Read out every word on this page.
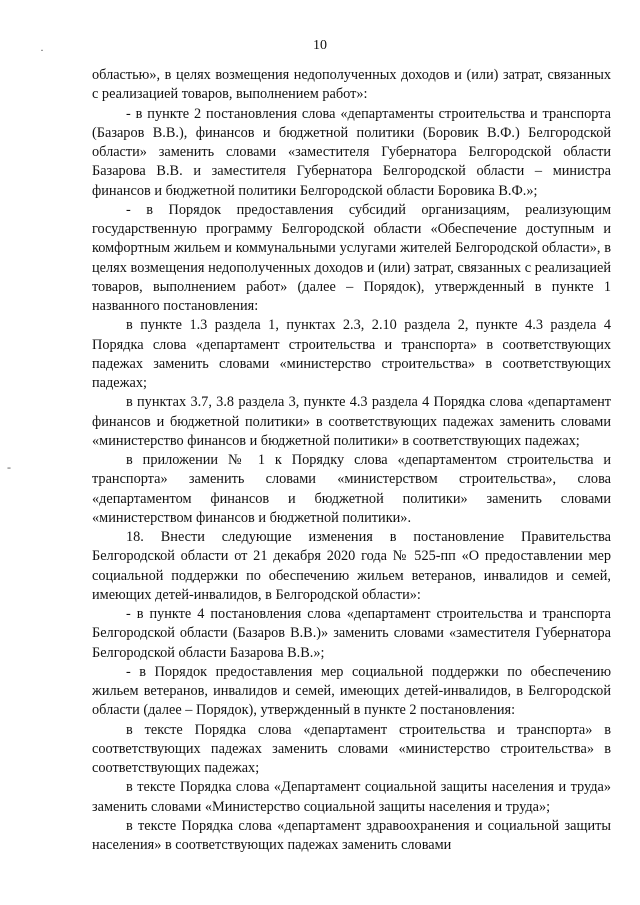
·
-
10

областью», в целях возмещения недополученных доходов и (или) затрат, связанных с реализацией товаров, выполнением работ»:

- в пункте 2 постановления слова «департаменты строительства и транспорта (Базаров В.В.), финансов и бюджетной политики (Боровик В.Ф.) Белгородской области» заменить словами «заместителя Губернатора Белгородской области Базарова В.В. и заместителя Губернатора Белгородской области – министра финансов и бюджетной политики Белгородской области Боровика В.Ф.»;

- в Порядок предоставления субсидий организациям, реализующим государственную программу Белгородской области «Обеспечение доступным и комфортным жильем и коммунальными услугами жителей Белгородской области», в целях возмещения недополученных доходов и (или) затрат, связанных с реализацией товаров, выполнением работ» (далее – Порядок), утвержденный в пункте 1 названного постановления:

в пункте 1.3 раздела 1, пунктах 2.3, 2.10 раздела 2, пункте 4.3 раздела 4 Порядка слова «департамент строительства и транспорта» в соответствующих падежах заменить словами «министерство строительства» в соответствующих падежах;

в пунктах 3.7, 3.8 раздела 3, пункте 4.3 раздела 4 Порядка слова «департамент финансов и бюджетной политики» в соответствующих падежах заменить словами «министерство финансов и бюджетной политики» в соответствующих падежах;

в приложении № 1 к Порядку слова «департаментом строительства и транспорта» заменить словами «министерством строительства», слова «департаментом финансов и бюджетной политики» заменить словами «министерством финансов и бюджетной политики».

18. Внести следующие изменения в постановление Правительства Белгородской области от 21 декабря 2020 года № 525-пп «О предоставлении мер социальной поддержки по обеспечению жильем ветеранов, инвалидов и семей, имеющих детей-инвалидов, в Белгородской области»:

- в пункте 4 постановления слова «департамент строительства и транспорта Белгородской области (Базаров В.В.)» заменить словами «заместителя Губернатора Белгородской области Базарова В.В.»;

- в Порядок предоставления мер социальной поддержки по обеспечению жильем ветеранов, инвалидов и семей, имеющих детей-инвалидов, в Белгородской области (далее – Порядок), утвержденный в пункте 2 постановления:

в тексте Порядка слова «департамент строительства и транспорта» в соответствующих падежах заменить словами «министерство строительства» в соответствующих падежах;

в тексте Порядка слова «Департамент социальной защиты населения и труда» заменить словами «Министерство социальной защиты населения и труда»;

в тексте Порядка слова «департамент здравоохранения и социальной защиты населения» в соответствующих падежах заменить словами
